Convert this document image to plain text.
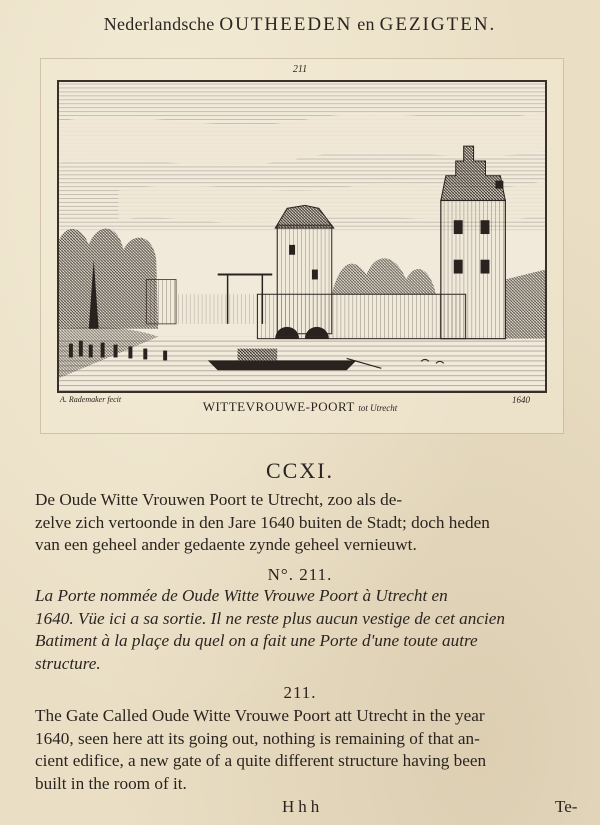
Nederlandsche OUTHEEDEN en GEZIGTEN.
211
A. Rademaker fecit	1640
WITTEVROUWE-POORT tot Utrecht
CCXI.
De Oude Witte Vrouwen Poort te Utrecht, zoo als de-
zelve zich vertoonde in den Jare 1640 buiten de Stadt; doch heden
van een geheel ander gedaente zynde geheel vernieuwt.
N°. 211.
La Porte nommée de Oude Witte Vrouwe Poort à Utrecht en
1640. Vüe ici a sa sortie. Il ne reste plus aucun vestige de cet ancien
Batiment à la plaçe du quel on a fait une Porte d'une toute autre
structure.
211.
The Gate Called Oude Witte Vrouwe Poort att Utrecht in the year
1640, seen here att its going out, nothing is remaining of that an-
cient edifice, a new gate of a quite different structure having been
built in the room of it.
Hhh	Te-
